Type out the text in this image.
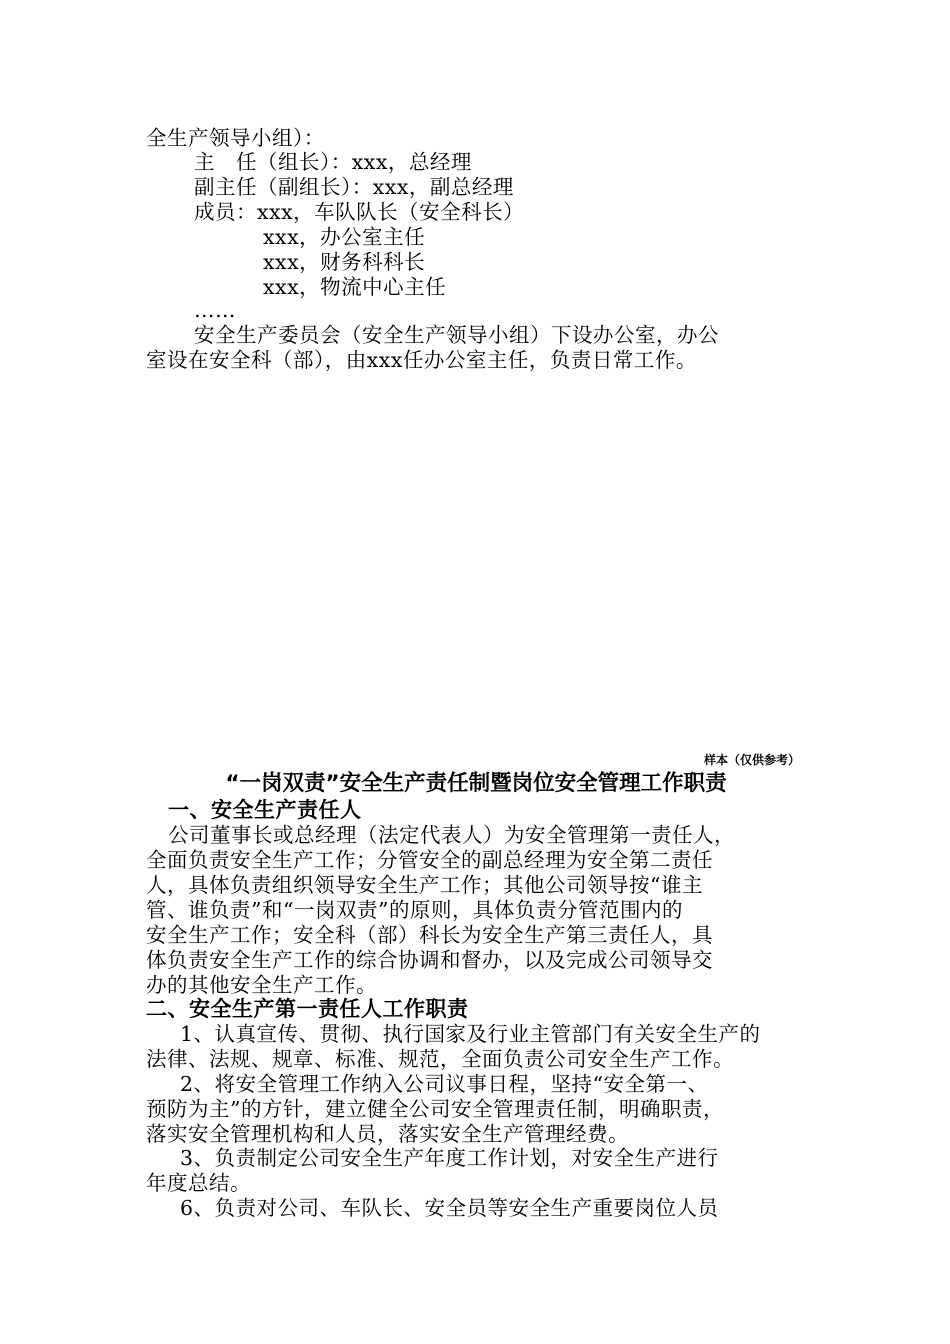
全生产领导小组）：
主　任（组长）：xxx，总经理
副主任（副组长）：xxx，副总经理
成员：xxx，车队队长（安全科长）
xxx，办公室主任
xxx，财务科科长
xxx，物流中心主任
……
安全生产委员会（安全生产领导小组）下设办公室，办公
室设在安全科（部），由xxx任办公室主任，负责日常工作。
样本（仅供参考）
“一岗双责”安全生产责任制暨岗位安全管理工作职责
一、安全生产责任人
公司董事长或总经理（法定代表人）为安全管理第一责任人，
全面负责安全生产工作；分管安全的副总经理为安全第二责任
人，具体负责组织领导安全生产工作；其他公司领导按“谁主
管、谁负责”和“一岗双责”的原则，具体负责分管范围内的
安全生产工作；安全科（部）科长为安全生产第三责任人，具
体负责安全生产工作的综合协调和督办，以及完成公司领导交
办的其他安全生产工作。
二、安全生产第一责任人工作职责
1、认真宣传、贯彻、执行国家及行业主管部门有关安全生产的
法律、法规、规章、标准、规范，全面负责公司安全生产工作。
2、将安全管理工作纳入公司议事日程，坚持“安全第一、
预防为主”的方针，建立健全公司安全管理责任制，明确职责，
落实安全管理机构和人员，落实安全生产管理经费。
3、负责制定公司安全生产年度工作计划，对安全生产进行
年度总结。
6、负责对公司、车队长、安全员等安全生产重要岗位人员
